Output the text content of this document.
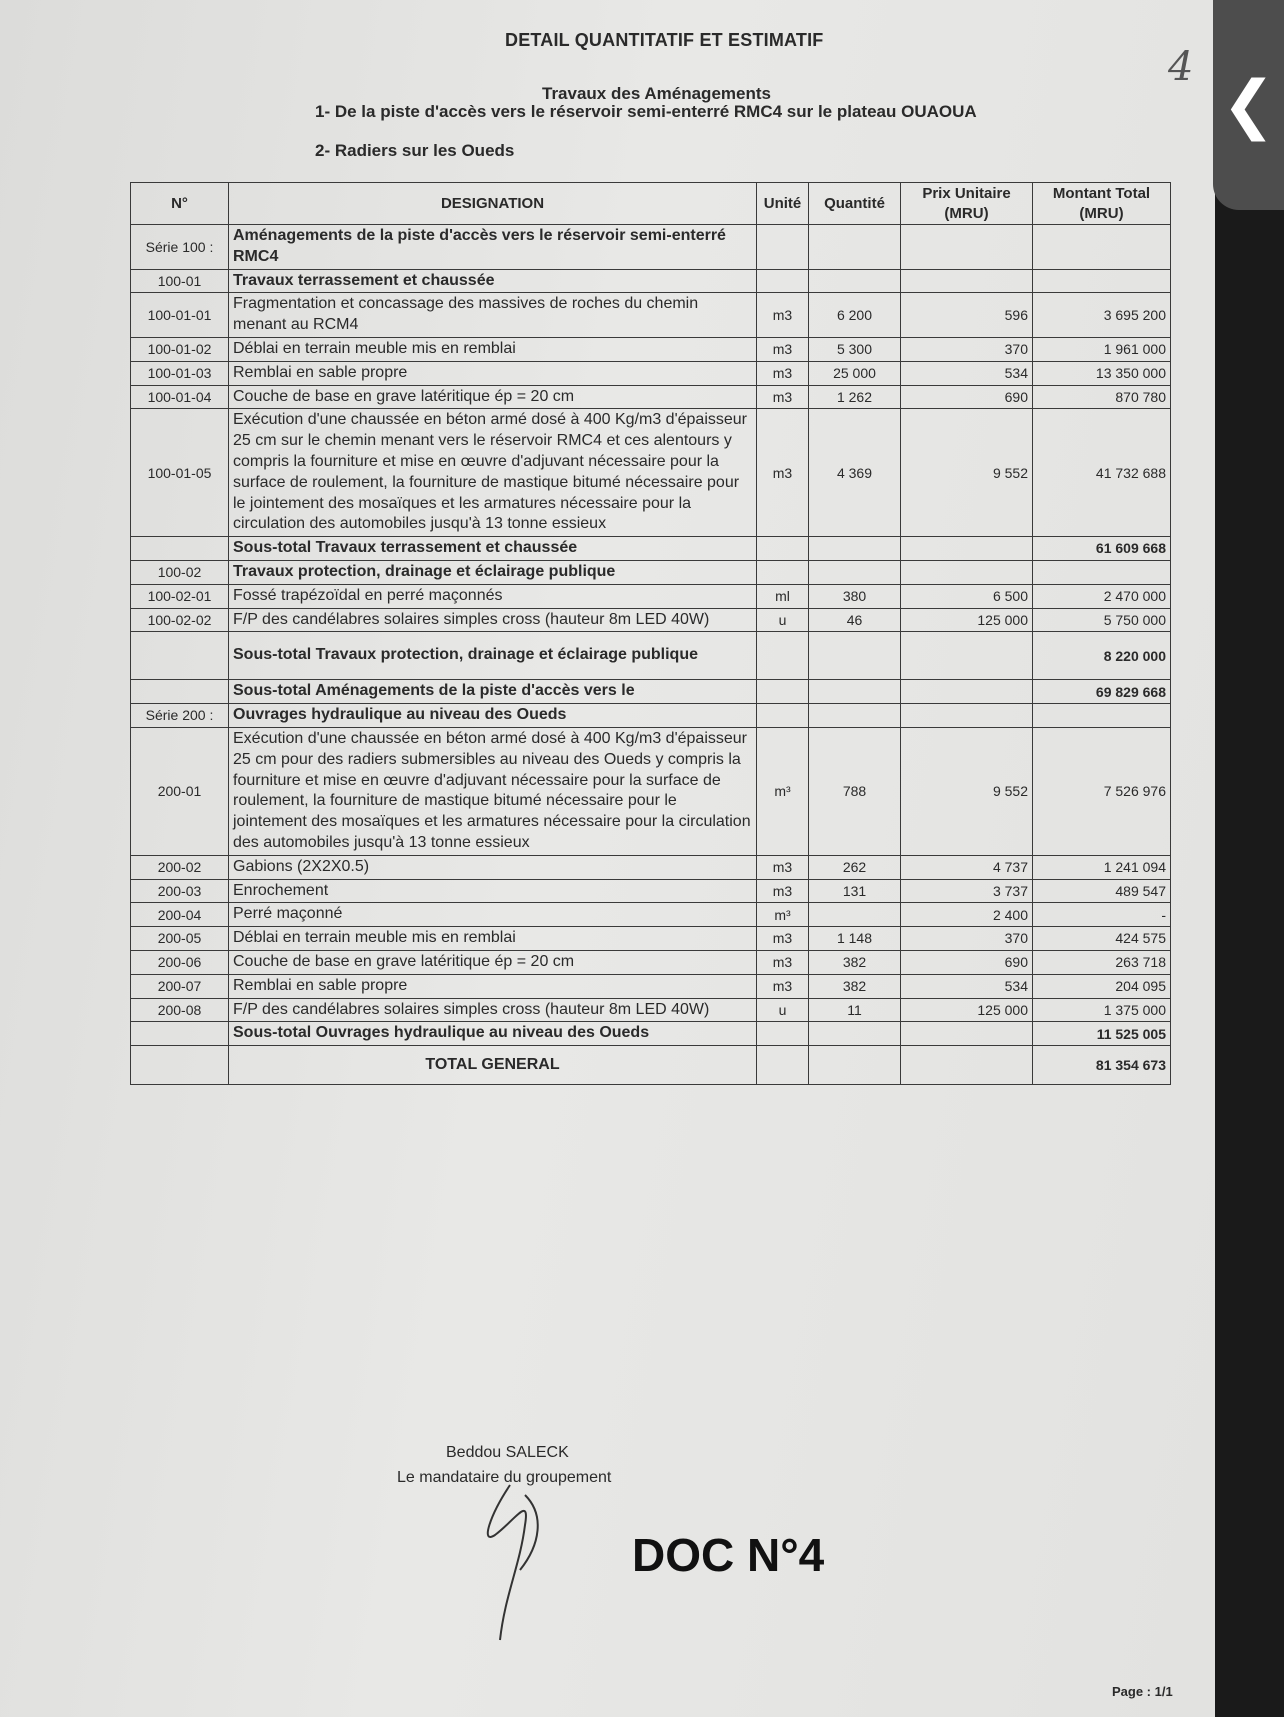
4
DETAIL QUANTITATIF ET ESTIMATIF
Travaux des Aménagements
1- De la piste d'accès vers le réservoir semi-enterré RMC4 sur le plateau OUAOUA
2- Radiers sur les Oueds
N°	DESIGNATION	Unité	Quantité	Prix Unitaire (MRU)	Montant Total (MRU)
Série 100 :	Aménagements de la piste d'accès vers le réservoir semi-enterré RMC4				
100-01	Travaux terrassement et chaussée				
100-01-01	Fragmentation et concassage des massives de roches du chemin menant au RCM4	m3	6 200	596	3 695 200
100-01-02	Déblai en terrain meuble mis en remblai	m3	5 300	370	1 961 000
100-01-03	Remblai en sable propre	m3	25 000	534	13 350 000
100-01-04	Couche de base en grave latéritique ép = 20 cm	m3	1 262	690	870 780
100-01-05	Exécution d'une chaussée en béton armé dosé à 400 Kg/m3 d'épaisseur 25 cm sur le chemin menant vers le réservoir RMC4 et ces alentours y compris la fourniture et mise en œuvre d'adjuvant nécessaire pour la surface de roulement, la fourniture de mastique bitumé nécessaire pour le jointement des mosaïques et les armatures nécessaire pour la circulation des automobiles jusqu'à 13 tonne essieux	m3	4 369	9 552	41 732 688
	Sous-total Travaux terrassement et chaussée				61 609 668
100-02	Travaux protection, drainage et éclairage publique				
100-02-01	Fossé trapézoïdal en perré maçonnés	ml	380	6 500	2 470 000
100-02-02	F/P des candélabres solaires simples cross (hauteur 8m LED 40W)	u	46	125 000	5 750 000
	Sous-total Travaux protection, drainage et éclairage publique				8 220 000
	Sous-total Aménagements de la piste d'accès vers le				69 829 668
Série 200 :	Ouvrages hydraulique au niveau des Oueds				
200-01	Exécution d'une chaussée en béton armé dosé à 400 Kg/m3 d'épaisseur 25 cm pour des radiers submersibles au niveau des Oueds y compris la fourniture et mise en œuvre d'adjuvant nécessaire pour la surface de roulement, la fourniture de mastique bitumé nécessaire pour le jointement des mosaïques et les armatures nécessaire pour la circulation des automobiles jusqu'à 13 tonne essieux	m³	788	9 552	7 526 976
200-02	Gabions (2X2X0.5)	m3	262	4 737	1 241 094
200-03	Enrochement	m3	131	3 737	489 547
200-04	Perré maçonné	m³		2 400	-
200-05	Déblai en terrain meuble mis en remblai	m3	1 148	370	424 575
200-06	Couche de base en grave latéritique ép = 20 cm	m3	382	690	263 718
200-07	Remblai en sable propre	m3	382	534	204 095
200-08	F/P des candélabres solaires simples cross (hauteur 8m LED 40W)	u	11	125 000	1 375 000
	Sous-total Ouvrages hydraulique au niveau des Oueds				11 525 005
	TOTAL GENERAL				81 354 673
Beddou SALECK
Le mandataire du groupement
DOC N°4
Page : 1/1
❮
